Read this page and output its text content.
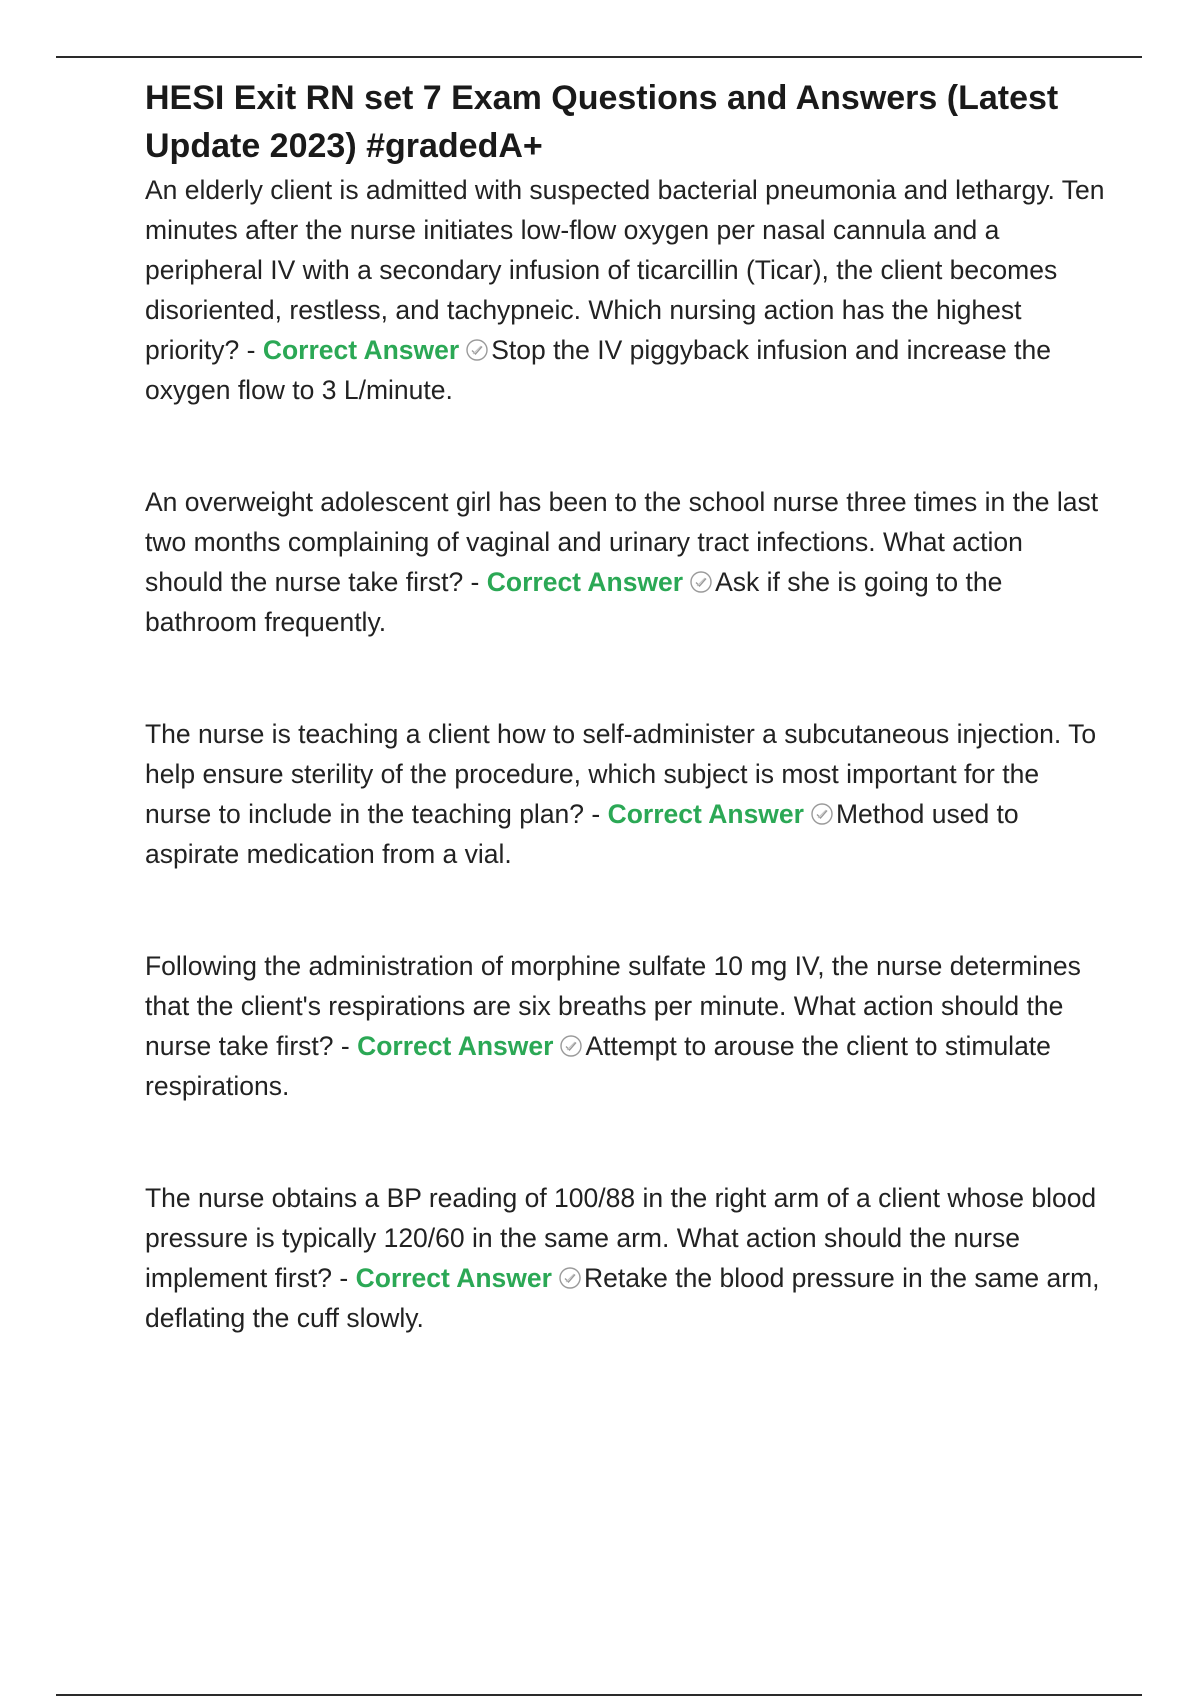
HESI Exit RN set 7 Exam Questions and Answers (Latest Update 2023) #gradedA+

An elderly client is admitted with suspected bacterial pneumonia and lethargy. Ten minutes after the nurse initiates low-flow oxygen per nasal cannula and a peripheral IV with a secondary infusion of ticarcillin (Ticar), the client becomes disoriented, restless, and tachypneic. Which nursing action has the highest priority? - Correct Answer Stop the IV piggyback infusion and increase the oxygen flow to 3 L/minute.

An overweight adolescent girl has been to the school nurse three times in the last two months complaining of vaginal and urinary tract infections. What action should the nurse take first? - Correct Answer Ask if she is going to the bathroom frequently.

The nurse is teaching a client how to self-administer a subcutaneous injection. To help ensure sterility of the procedure, which subject is most important for the nurse to include in the teaching plan? - Correct Answer Method used to aspirate medication from a vial.

Following the administration of morphine sulfate 10 mg IV, the nurse determines that the client's respirations are six breaths per minute. What action should the nurse take first? - Correct Answer Attempt to arouse the client to stimulate respirations.

The nurse obtains a BP reading of 100/88 in the right arm of a client whose blood pressure is typically 120/60 in the same arm. What action should the nurse implement first? - Correct Answer Retake the blood pressure in the same arm, deflating the cuff slowly.
